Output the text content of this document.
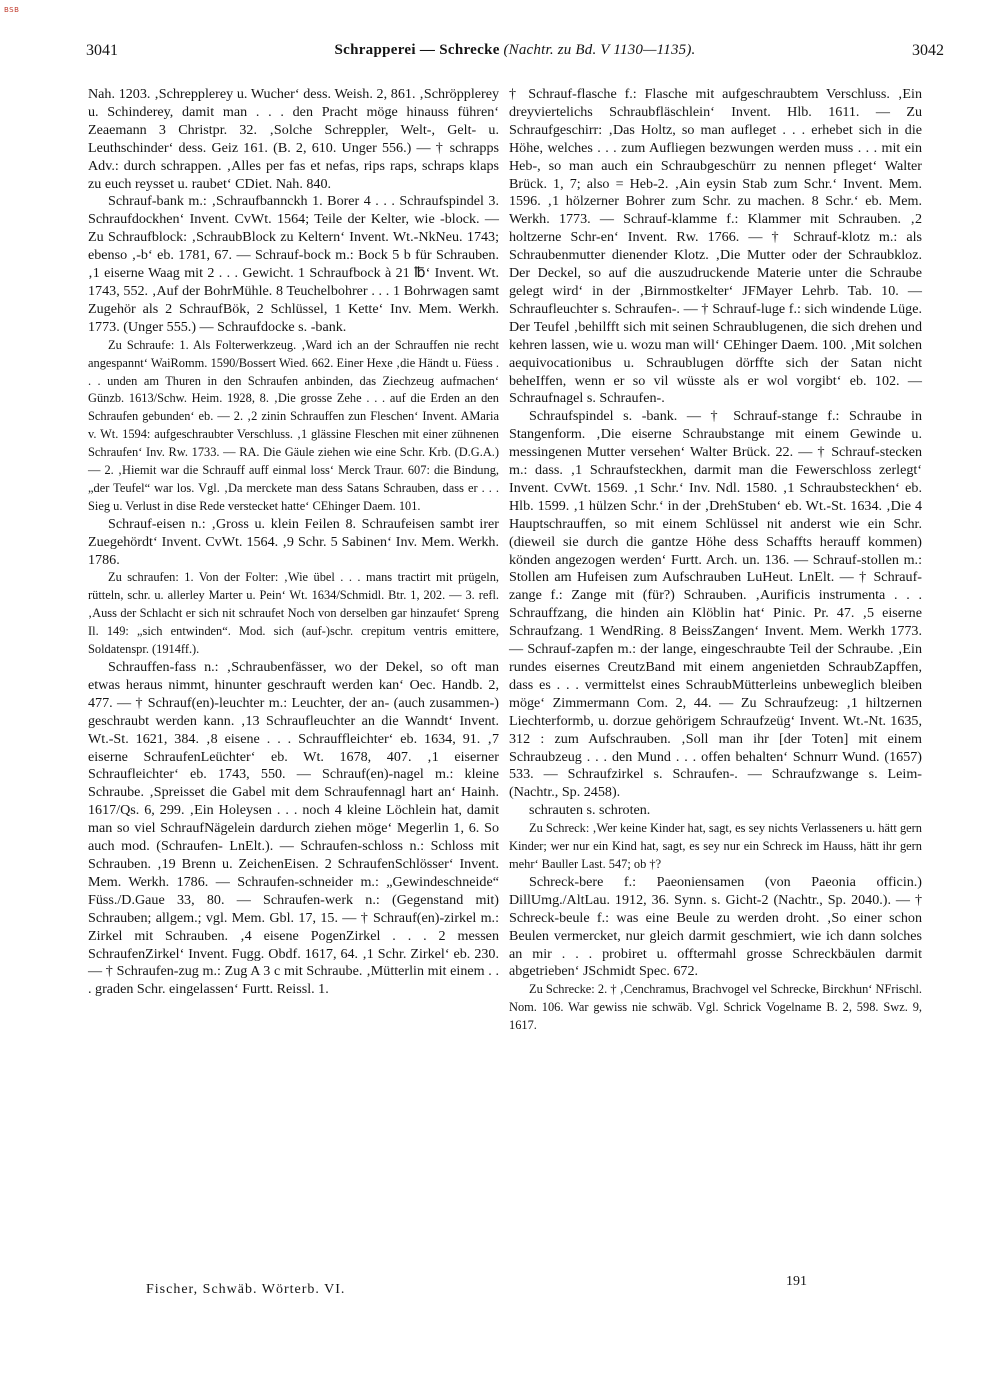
BSB
3041	Schrapperei — Schrecke (Nachtr. zu Bd. V 1130—1135).	3042

Nah. 1203. ‚Schrepplerey u. Wucher‘ dess. Weish. 2, 861. ‚Schröpplerey u. Schinderey, damit man . . . den Pracht möge hinauss führen‘ Zeaemann 3 Christpr. 32. ‚Solche Schreppler, Welt-, Gelt- u. Leuthschinder‘ dess. Geiz 161. (B. 2, 610. Unger 556.) — † schrapps Adv.: durch schrappen. ‚Alles per fas et nefas, rips raps, schraps klaps zu euch reysset u. raubet‘ CDiet. Nah. 840.

Schrauf-bank m.: ‚Schraufbannckh 1. Borer 4 . . . Schraufspindel 3. Schraufdockhen‘ Invent. CvWt. 1564; Teile der Kelter, wie -block. — Zu Schraufblock: ‚SchraubBlock zu Keltern‘ Invent. Wt.-NkNeu. 1743; ebenso ‚-b‘ eb. 1781, 67. — Schrauf-bock m.: Bock 5 b für Schrauben. ‚1 eiserne Waag mit 2 . . . Gewicht. 1 Schraufbock à 21 ℔‘ Invent. Wt. 1743, 552. ‚Auf der BohrMühle. 8 Teuchelbohrer . . . 1 Bohrwagen samt Zugehör als 2 SchraufBök, 2 Schlüssel, 1 Kette‘ Inv. Mem. Werkh. 1773. (Unger 555.) — Schraufdocke s. -bank.

Zu Schraufe: 1. Als Folterwerkzeug. ‚Ward ich an der Schrauffen nie recht angespannt‘ WaiRomm. 1590/Bossert Wied. 662. Einer Hexe ‚die Händt u. Füess . . . unden am Thuren in den Schraufen anbinden, das Ziechzeug aufmachen‘ Günzb. 1613/Schw. Heim. 1928, 8. ‚Die grosse Zehe . . . auf die Erden an den Schraufen gebunden‘ eb. — 2. ‚2 zinin Schrauffen zun Fleschen‘ Invent. AMaria v. Wt. 1594: aufgeschraubter Verschluss. ‚1 glässine Fleschen mit einer zühnenen Schraufen‘ Inv. Rw. 1733. — RA. Die Gäule ziehen wie eine Schr. Krb. (D.G.A.) — 2. ‚Hiemit war die Schrauff auff einmal loss‘ Merck Traur. 607: die Bindung, „der Teufel“ war los. Vgl. ‚Da merckete man dess Satans Schrauben, dass er . . . Sieg u. Verlust in dise Rede verstecket hatte‘ CEhinger Daem. 101.

Schrauf-eisen n.: ‚Gross u. klein Feilen 8. Schraufeisen sambt irer Zuegehördt‘ Invent. CvWt. 1564. ‚9 Schr. 5 Sabinen‘ Inv. Mem. Werkh. 1786.

Zu schraufen: 1. Von der Folter: ‚Wie übel . . . mans tractirt mit prügeln, rütteln, schr. u. allerley Marter u. Pein‘ Wt. 1634/Schmidl. Btr. 1, 202. — 3. refl. ‚Auss der Schlacht er sich nit schraufet Noch von derselben gar hinzaufet‘ Spreng Il. 149: „sich entwinden“. Mod. sich (auf-)schr. crepitum ventris emittere, Soldatenspr. (1914ff.).

Schrauffen-fass n.: ‚Schraubenfässer, wo der Dekel, so oft man etwas heraus nimmt, hinunter geschrauft werden kan‘ Oec. Handb. 2, 477. — † Schrauf(en)-leuchter m.: Leuchter, der an- (auch zusammen-) geschraubt werden kann. ‚13 Schraufleuchter an die Wanndt‘ Invent. Wt.-St. 1621, 384. ‚8 eisene . . . Schrauffleichter‘ eb. 1634, 91. ‚7 eiserne SchraufenLeüchter‘ eb. Wt. 1678, 407. ‚1 eiserner Schraufleichter‘ eb. 1743, 550. — Schrauf(en)-nagel m.: kleine Schraube. ‚Spreisset die Gabel mit dem Schraufennagl hart an‘ Hainh. 1617/Qs. 6, 299. ‚Ein Holeysen . . . noch 4 kleine Löchlein hat, damit man so viel SchraufNägelein dardurch ziehen möge‘ Megerlin 1, 6. So auch mod. (Schraufen- LnElt.). — Schraufen-schloss n.: Schloss mit Schrauben. ‚19 Brenn u. ZeichenEisen. 2 SchraufenSchlösser‘ Invent. Mem. Werkh. 1786. — Schraufen-schneider m.: „Gewindeschneide“ Füss./D.Gaue 33, 80. — Schraufen-werk n.: (Gegenstand mit) Schrauben; allgem.; vgl. Mem. Gbl. 17, 15. — † Schrauf(en)-zirkel m.: Zirkel mit Schrauben. ‚4 eisene PogenZirkel . . . 2 messen SchraufenZirkel‘ Invent. Fugg. Obdf. 1617, 64. ‚1 Schr. Zirkel‘ eb. 230. — † Schraufen-zug m.: Zug A 3 c mit Schraube. ‚Mütterlin mit einem . . . graden Schr. eingelassen‘ Furtt. Reissl. 1.

† Schrauf-flasche f.: Flasche mit aufgeschraubtem Verschluss. ‚Ein dreyviertelichs Schraubfläschlein‘ Invent. Hlb. 1611. — Zu Schraufgeschirr: ‚Das Holtz, so man aufleget . . . erhebet sich in die Höhe, welches . . . zum Aufliegen bezwungen werden muss . . . mit ein Heb-, so man auch ein Schraubgeschürr zu nennen pfleget‘ Walter Brück. 1, 7; also = Heb-2. ‚Ain eysin Stab zum Schr.‘ Invent. Mem. 1596. ‚1 hölzerner Bohrer zum Schr. zu machen. 8 Schr.‘ eb. Mem. Werkh. 1773. — Schrauf-klamme f.: Klammer mit Schrauben. ‚2 holtzerne Schr-en‘ Invent. Rw. 1766. — † Schrauf-klotz m.: als Schraubenmutter dienender Klotz. ‚Die Mutter oder der Schraubkloz. Der Deckel, so auf die auszudruckende Materie unter die Schraube gelegt wird‘ in der ‚Birnmostkelter‘ JFMayer Lehrb. Tab. 10. — Schraufleuchter s. Schraufen-. — † Schrauf-luge f.: sich windende Lüge. Der Teufel ‚behilfft sich mit seinen Schraublugenen, die sich drehen und kehren lassen, wie u. wozu man will‘ CEhinger Daem. 100. ‚Mit solchen aequivocationibus u. Schraublugen dörffte sich der Satan nicht beheIffen, wenn er so vil wüsste als er wol vorgibt‘ eb. 102. — Schraufnagel s. Schraufen-.

Schraufspindel s. -bank. — † Schrauf-stange f.: Schraube in Stangenform. ‚Die eiserne Schraubstange mit einem Gewinde u. messingenen Mutter versehen‘ Walter Brück. 22. — † Schrauf-stecken m.: dass. ‚1 Schraufsteckhen, darmit man die Fewerschloss zerlegt‘ Invent. CvWt. 1569. ‚1 Schr.‘ Inv. Ndl. 1580. ‚1 Schraubsteckhen‘ eb. Hlb. 1599. ‚1 hülzen Schr.‘ in der ‚DrehStuben‘ eb. Wt.-St. 1634. ‚Die 4 Hauptschrauffen, so mit einem Schlüssel nit anderst wie ein Schr. (dieweil sie durch die gantze Höhe dess Schaffts herauff kommen) könden angezogen werden‘ Furtt. Arch. un. 136. — Schrauf-stollen m.: Stollen am Hufeisen zum Aufschrauben LuHeut. LnElt. — † Schrauf-zange f.: Zange mit (für?) Schrauben. ‚Aurificis instrumenta . . . Schrauffzang, die hinden ain Klöblin hat‘ Pinic. Pr. 47. ‚5 eiserne Schraufzang. 1 WendRing. 8 BeissZangen‘ Invent. Mem. Werkh 1773. — Schrauf-zapfen m.: der lange, eingeschraubte Teil der Schraube. ‚Ein rundes eisernes CreutzBand mit einem angenietden SchraubZapffen, dass es . . . vermittelst eines SchraubMütterleins unbeweglich bleiben möge‘ Zimmermann Com. 2, 44. — Zu Schraufzeug: ‚1 hiltzernen Liechterformb, u. dorzue gehörigem Schraufzeüg‘ Invent. Wt.-Nt. 1635, 312 : zum Aufschrauben. ‚Soll man ihr [der Toten] mit einem Schraubzeug . . . den Mund . . . offen behalten‘ Schnurr Wund. (1657) 533. — Schraufzirkel s. Schraufen-. — Schraufzwange s. Leim- (Nachtr., Sp. 2458).

schrauten s. schroten.

Zu Schreck: ‚Wer keine Kinder hat, sagt, es sey nichts Verlasseners u. hätt gern Kinder; wer nur ein Kind hat, sagt, es sey nur ein Schreck im Hauss, hätt ihr gern mehr‘ Bauller Last. 547; ob †?

Schreck-bere f.: Paeoniensamen (von Paeonia officin.) DillUmg./AltLau. 1912, 36. Synn. s. Gicht-2 (Nachtr., Sp. 2040.). — † Schreck-beule f.: was eine Beule zu werden droht. ‚So einer schon Beulen vermercket, nur gleich darmit geschmiert, wie ich dann solches an mir . . . probiret u. offtermahl grosse Schreckbäulen darmit abgetrieben‘ JSchmidt Spec. 672.

Zu Schrecke: 2. † ‚Cenchramus, Brachvogel vel Schrecke, Birckhun‘ NFrischl. Nom. 106. War gewiss nie schwäb. Vgl. Schrick Vogelname B. 2, 598. Swz. 9, 1617.

Fischer, Schwäb. Wörterb. VI.
191
